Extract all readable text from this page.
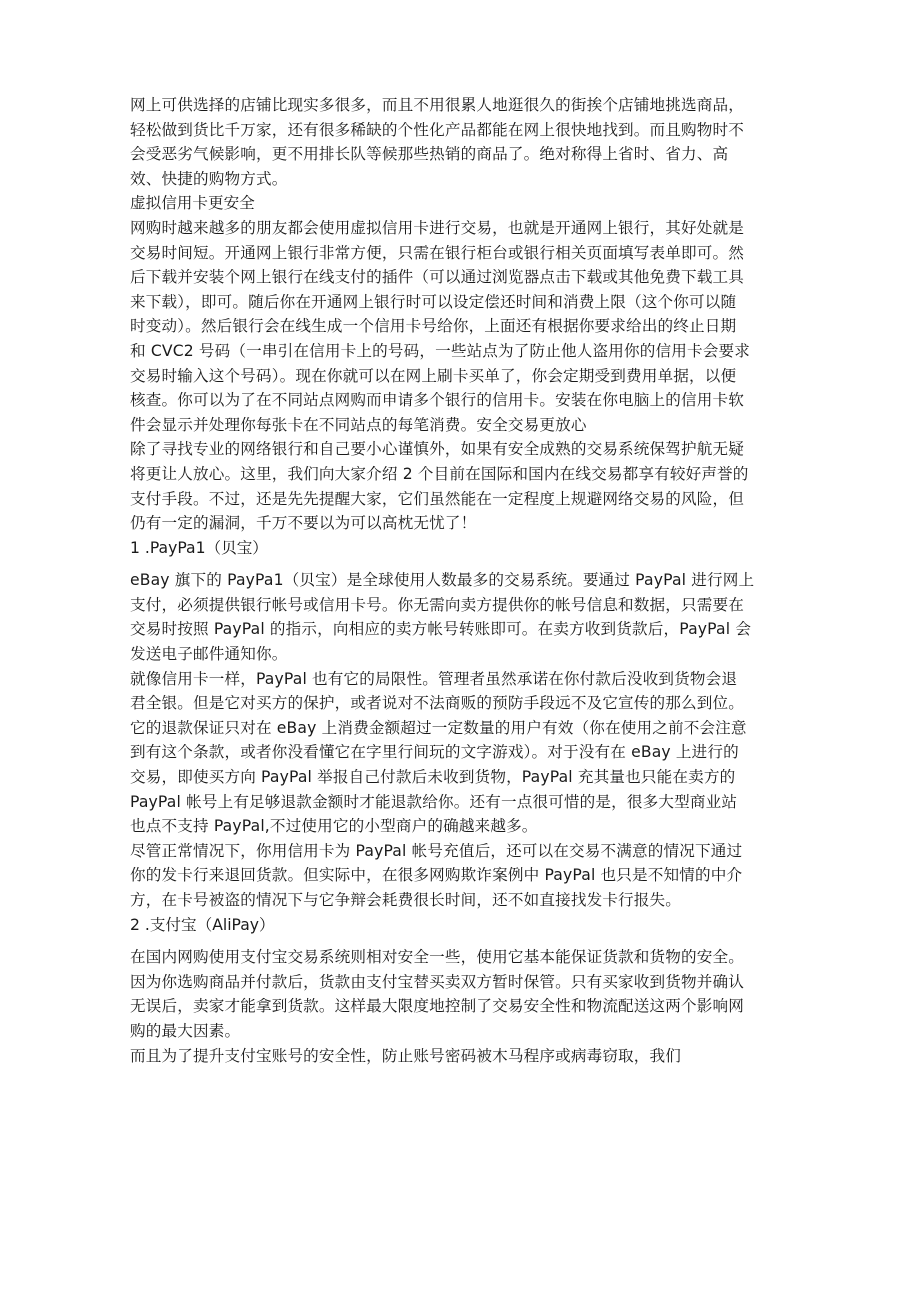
网上可供选择的店铺比现实多很多，而且不用很累人地逛很久的街挨个店铺地挑选商品，
轻松做到货比千万家，还有很多稀缺的个性化产品都能在网上很快地找到。而且购物时不
会受恶劣气候影响，更不用排长队等候那些热销的商品了。绝对称得上省时、省力、高
效、快捷的购物方式。
虚拟信用卡更安全
网购时越来越多的朋友都会使用虚拟信用卡进行交易，也就是开通网上银行，其好处就是
交易时间短。开通网上银行非常方便，只需在银行柜台或银行相关页面填写表单即可。然
后下载并安装个网上银行在线支付的插件（可以通过浏览器点击下载或其他免费下载工具
来下载），即可。随后你在开通网上银行时可以设定偿还时间和消费上限（这个你可以随
时变动）。然后银行会在线生成一个信用卡号给你，上面还有根据你要求给出的终止日期
和 CVC2 号码（一串引在信用卡上的号码，一些站点为了防止他人盗用你的信用卡会要求
交易时输入这个号码）。现在你就可以在网上刷卡买单了，你会定期受到费用单据，以便
核查。你可以为了在不同站点网购而申请多个银行的信用卡。安装在你电脑上的信用卡软
件会显示并处理你每张卡在不同站点的每笔消费。安全交易更放心
除了寻找专业的网络银行和自己要小心谨慎外，如果有安全成熟的交易系统保驾护航无疑
将更让人放心。这里，我们向大家介绍 2 个目前在国际和国内在线交易都享有较好声誉的
支付手段。不过，还是先先提醒大家，它们虽然能在一定程度上规避网络交易的风险，但
仍有一定的漏洞，千万不要以为可以高枕无忧了！
1 .PayPa1（贝宝）
eBay 旗下的 PayPa1（贝宝）是全球使用人数最多的交易系统。要通过 PayPal 进行网上
支付，必须提供银行帐号或信用卡号。你无需向卖方提供你的帐号信息和数据，只需要在
交易时按照 PayPal 的指示，向相应的卖方帐号转账即可。在卖方收到货款后，PayPal 会
发送电子邮件通知你。
就像信用卡一样，PayPal 也有它的局限性。管理者虽然承诺在你付款后没收到货物会退
君全银。但是它对买方的保护，或者说对不法商贩的预防手段远不及它宣传的那么到位。
它的退款保证只对在 eBay 上消费金额超过一定数量的用户有效（你在使用之前不会注意
到有这个条款，或者你没看懂它在字里行间玩的文字游戏）。对于没有在 eBay 上进行的
交易，即使买方向 PayPal 举报自己付款后未收到货物，PayPal 充其量也只能在卖方的
PayPal 帐号上有足够退款金额时才能退款给你。还有一点很可惜的是，很多大型商业站
也点不支持 PayPal,不过使用它的小型商户的确越来越多。
尽管正常情况下，你用信用卡为 PayPal 帐号充值后，还可以在交易不满意的情况下通过
你的发卡行来退回货款。但实际中，在很多网购欺诈案例中 PayPal 也只是不知情的中介
方，在卡号被盗的情况下与它争辩会耗费很长时间，还不如直接找发卡行报失。
2 .支付宝（AliPay）
在国内网购使用支付宝交易系统则相对安全一些，使用它基本能保证货款和货物的安全。
因为你选购商品并付款后，货款由支付宝替买卖双方暂时保管。只有买家收到货物并确认
无误后，卖家才能拿到货款。这样最大限度地控制了交易安全性和物流配送这两个影响网
购的最大因素。
而且为了提升支付宝账号的安全性，防止账号密码被木马程序或病毒窃取，我们
